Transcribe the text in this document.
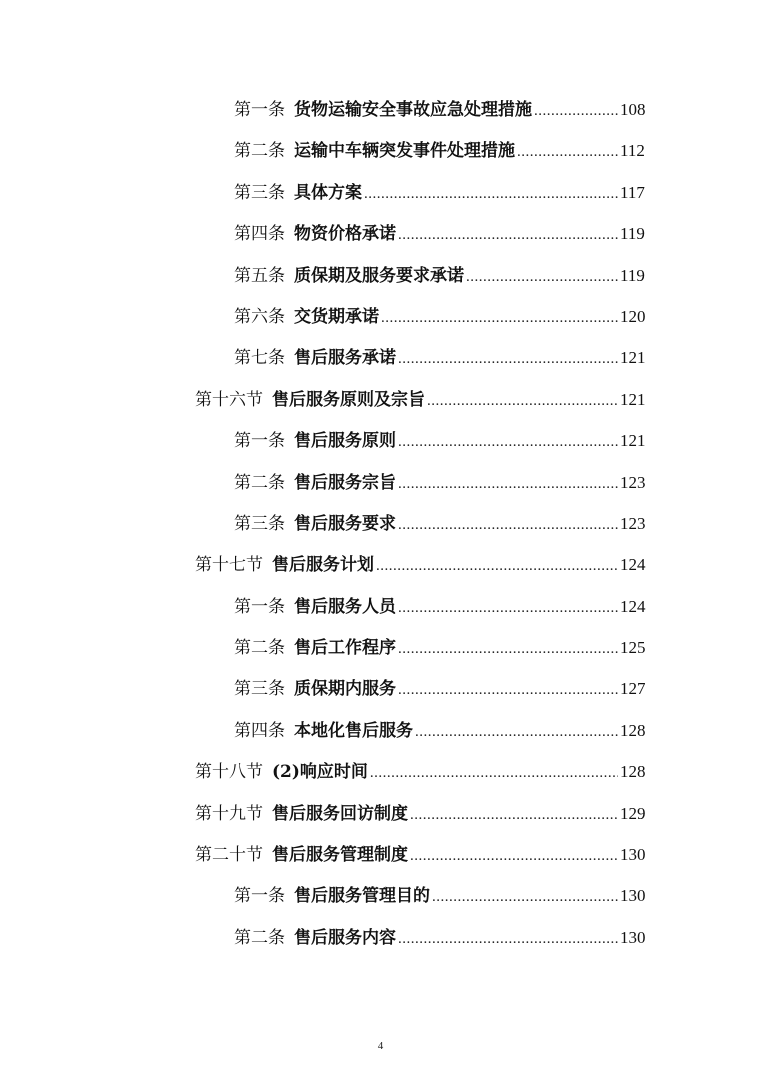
第一条 货物运输安全事故应急处理措施 .....	108
第二条 运输中车辆突发事件处理措施 .....	112
第三条 具体方案 .....	117
第四条 物资价格承诺 .....	119
第五条 质保期及服务要求承诺 .....	119
第六条 交货期承诺 .....	120
第七条 售后服务承诺 .....	121
第十六节 售后服务原则及宗旨 .....	121
第一条 售后服务原则 .....	121
第二条 售后服务宗旨 .....	123
第三条 售后服务要求 .....	123
第十七节 售后服务计划 .....	124
第一条 售后服务人员 .....	124
第二条 售后工作程序 .....	125
第三条 质保期内服务 .....	127
第四条 本地化售后服务 .....	128
第十八节 (2)响应时间 .....	128
第十九节 售后服务回访制度 .....	129
第二十节 售后服务管理制度 .....	130
第一条 售后服务管理目的 .....	130
第二条 售后服务内容 .....	130
4
